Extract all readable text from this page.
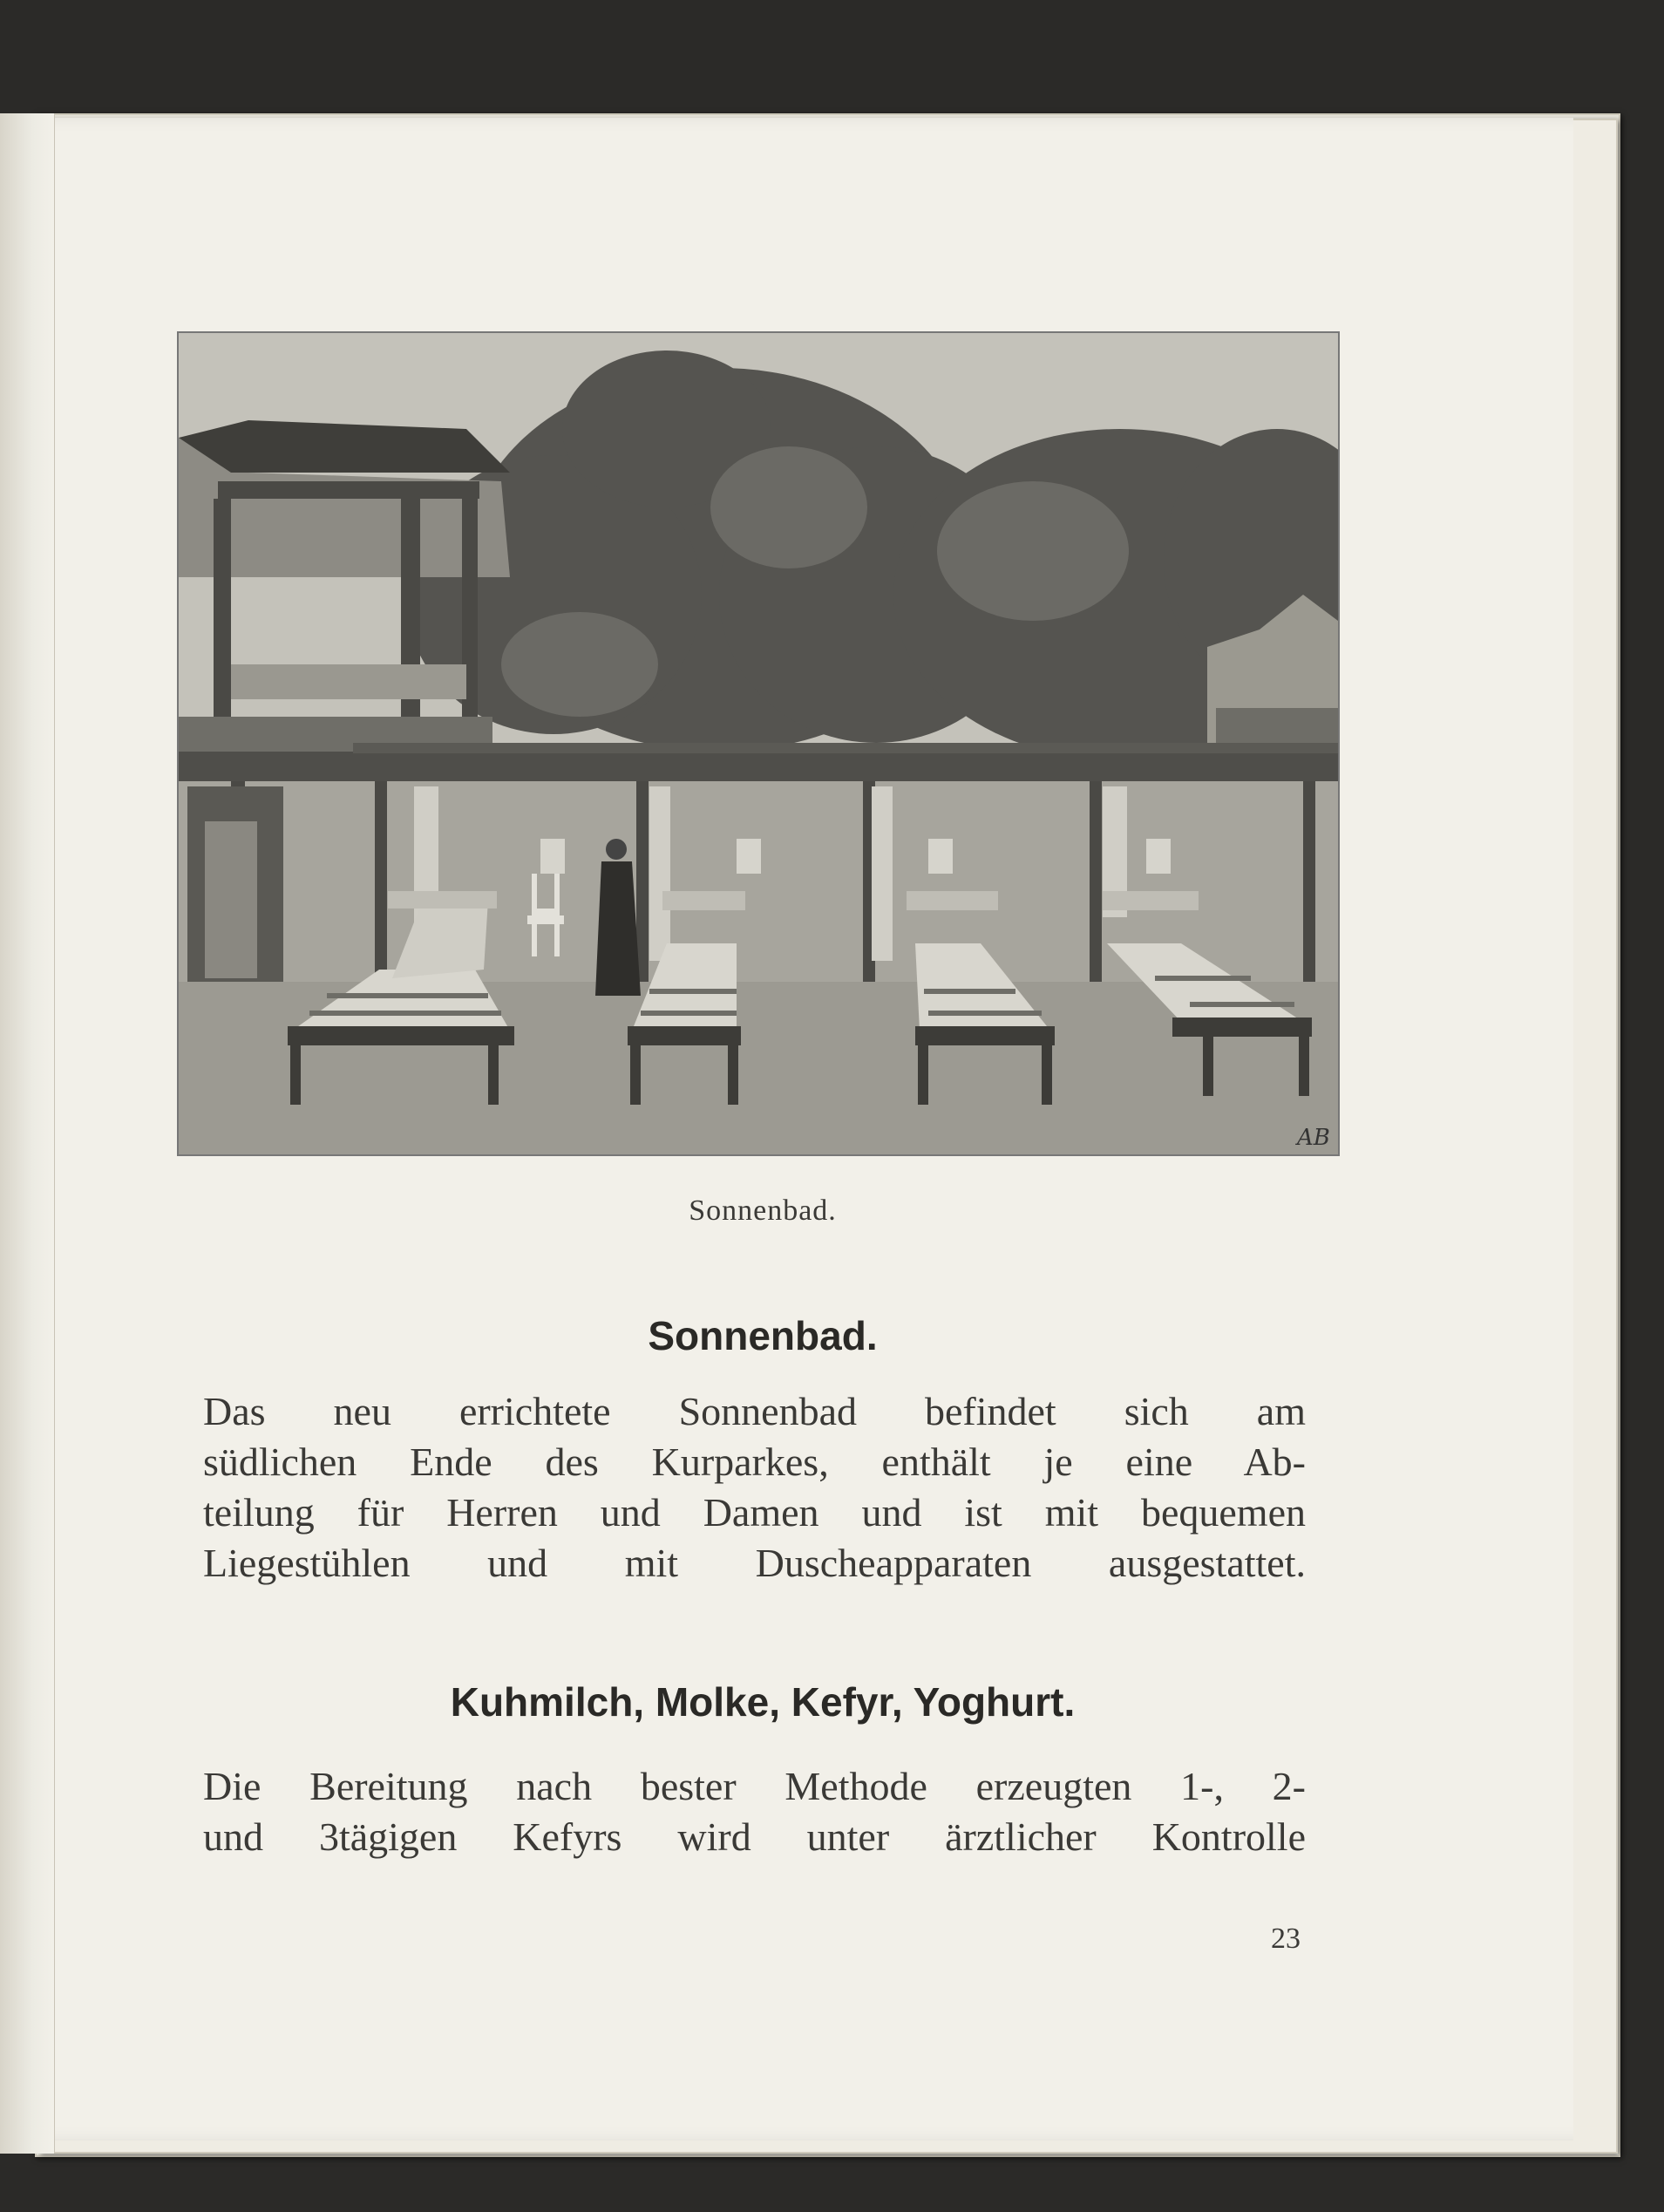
AB
Sonnenbad.
Sonnenbad.
Das neu errichtete Sonnenbad befindet sich am
südlichen Ende des Kurparkes, enthält je eine Ab-
teilung für Herren und Damen und ist mit bequemen
Liegestühlen und mit Duscheapparaten ausgestattet.
Kuhmilch, Molke, Kefyr, Yoghurt.
Die Bereitung nach bester Methode erzeugten 1-, 2-
und 3tägigen Kefyrs wird unter ärztlicher Kontrolle
23
